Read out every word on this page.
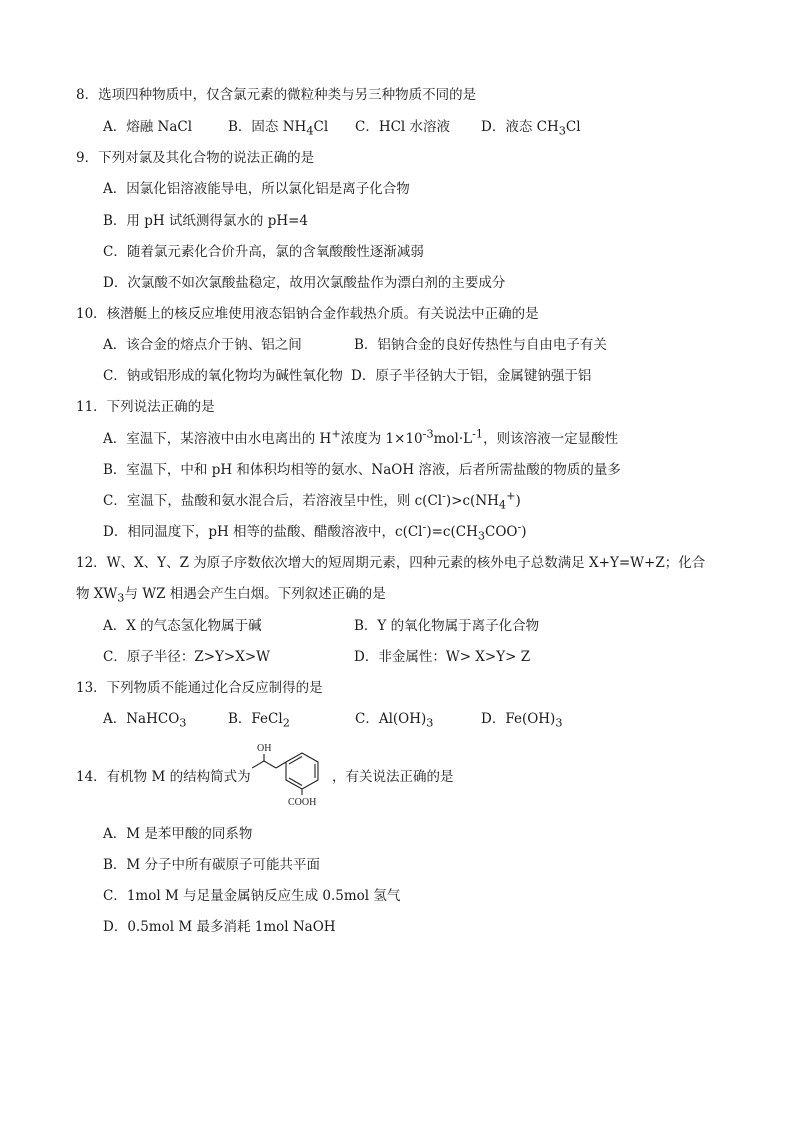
8．选项四种物质中，仅含氯元素的微粒种类与另三种物质不同的是
A．熔融 NaCl	B．固态 $NH_4Cl$ C．HCl 水溶液 D．液态 $CH_3Cl$
9．下列对氯及其化合物的说法正确的是
A．因氯化铝溶液能导电，所以氯化铝是离子化合物
B．用 pH 试纸测得氯水的 pH=4
C．随着氯元素化合价升高，氯的含氧酸酸性逐渐减弱
D．次氯酸不如次氯酸盐稳定，故用次氯酸盐作为漂白剂的主要成分
10．核潜艇上的核反应堆使用液态铝钠合金作载热介质。有关说法中正确的是
A．该合金的熔点介于钠、铝之间	B．铝钠合金的良好传热性与自由电子有关
C．钠或铝形成的氧化物均为碱性氧化物 D．原子半径钠大于铝，金属键钠强于铝
11．下列说法正确的是
A．室温下，某溶液中由水电离出的 H+浓度为 $1\times 10^{-3}mol\cdot L^{-1}$，则该溶液一定显酸性
B．室温下，中和 pH 和体积均相等的氨水、NaOH 溶液，后者所需盐酸的物质的量多
C．室温下，盐酸和氨水混合后，若溶液呈中性，则 $c(Cl^-)>c(NH_4^+)$
D．相同温度下，pH 相等的盐酸、醋酸溶液中，$c(Cl^-)=c(CH_3COO^-)$
12．W、X、Y、Z 为原子序数依次增大的短周期元素，四种元素的核外电子总数满足 X+Y=W+Z；化合
物 $XW_3$与 WZ 相遇会产生白烟。下列叙述正确的是
A．X 的气态氢化物属于碱	B．Y 的氧化物属于离子化合物
C．原子半径：Z>Y>X>W	D．非金属性：W> X>Y> Z
13．下列物质不能通过化合反应制得的是
A．NaHCO$_3$	B．FeCl$_2$	C．$Al(OH)_3$	D．$Fe(OH)_3$
14．有机物 M 的结构简式为	，有关说法正确的是
OH
COOH
A．M 是苯甲酸的同系物
B．M 分子中所有碳原子可能共平面
C．1mol M 与足量金属钠反应生成 0.5mol 氢气
D．0.5mol M 最多消耗 1mol NaOH
